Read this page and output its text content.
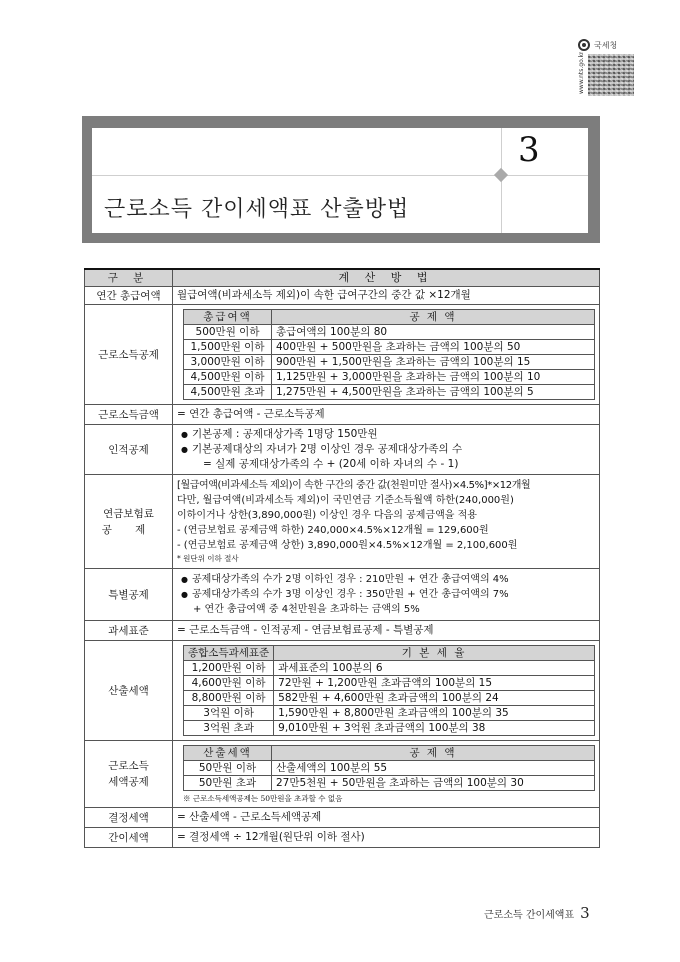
국세청
www.nts.go.kr
3
근로소득 간이세액표 산출방법
구 분	계 산 방 법
연간 총급여액	월급여액(비과세소득 제외)이 속한 급여구간의 중간 값 ×12개월

근로소득공제	
총급여액	공 제 액
500만원 이하	총급여액의 100분의 80
1,500만원 이하	400만원 + 500만원을 초과하는 금액의 100분의 50
3,000만원 이하	900만원 + 1,500만원을 초과하는 금액의 100분의 15
4,500만원 이하	1,125만원 + 3,000만원을 초과하는 금액의 100분의 10
4,500만원 초과	1,275만원 + 4,500만원을 초과하는 금액의 100분의 5

근로소득금액	= 연간 총급여액 - 근로소득공제

인적공제	
● 기본공제 : 공제대상가족 1명당 150만원
● 기본공제대상의 자녀가 2명 이상인 경우 공제대상가족의 수
= 실제 공제대상가족의 수 + (20세 이하 자녀의 수 - 1)

연금보험료
공 제

[월급여액(비과세소득 제외)이 속한 구간의 중간 값(천원미만 절사)×4.5%]*×12개월
다만, 월급여액(비과세소득 제외)이 국민연금 기준소득월액 하한(240,000원)
이하이거나 상한(3,890,000원) 이상인 경우 다음의 공제금액을 적용
- (연금보험료 공제금액 하한) 240,000×4.5%×12개월 = 129,600원
- (연금보험료 공제금액 상한) 3,890,000원×4.5%×12개월 = 2,100,600원
* 원단위 이하 절사

특별공제	
● 공제대상가족의 수가 2명 이하인 경우 : 210만원 + 연간 총급여액의 4%
● 공제대상가족의 수가 3명 이상인 경우 : 350만원 + 연간 총급여액의 7%
+ 연간 총급여액 중 4천만원을 초과하는 금액의 5%

과세표준	= 근로소득금액 - 인적공제 - 연금보험료공제 - 특별공제

산출세액	
종합소득과세표준	기 본 세 율
1,200만원 이하	과세표준의 100분의 6
4,600만원 이하	72만원 + 1,200만원 초과금액의 100분의 15
8,800만원 이하	582만원 + 4,600만원 초과금액의 100분의 24
3억원 이하	1,590만원 + 8,800만원 초과금액의 100분의 35
3억원 초과	9,010만원 + 3억원 초과금액의 100분의 38

근로소득
세액공제

산출세액	공 제 액
50만원 이하	산출세액의 100분의 55
50만원 초과	27만5천원 + 50만원을 초과하는 금액의 100분의 30
※ 근로소득세액공제는 50만원을 초과할 수 없음

결정세액	= 산출세액 - 근로소득세액공제

간이세액	= 결정세액 ÷ 12개월(원단위 이하 절사)
근로소득 간이세액표 3
